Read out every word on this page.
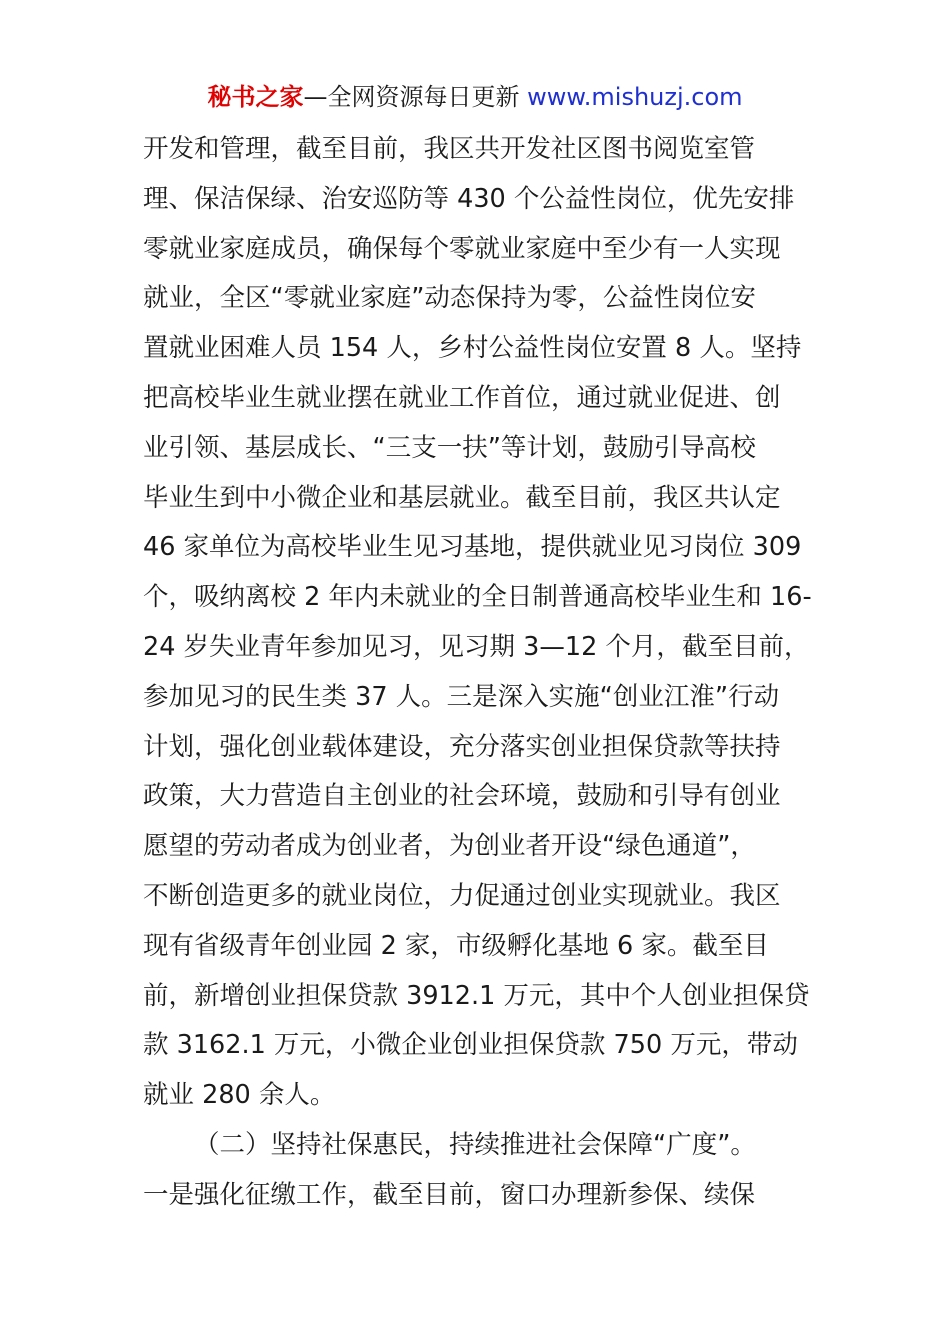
秘书之家—全网资源每日更新 www.mishuzj.com
开发和管理，截至目前，我区共开发社区图书阅览室管
理、保洁保绿、治安巡防等 430 个公益性岗位，优先安排
零就业家庭成员，确保每个零就业家庭中至少有一人实现
就业，全区“零就业家庭”动态保持为零，公益性岗位安
置就业困难人员 154 人，乡村公益性岗位安置 8 人。坚持
把高校毕业生就业摆在就业工作首位，通过就业促进、创
业引领、基层成长、“三支一扶”等计划，鼓励引导高校
毕业生到中小微企业和基层就业。截至目前，我区共认定
46 家单位为高校毕业生见习基地，提供就业见习岗位 309
个，吸纳离校 2 年内未就业的全日制普通高校毕业生和 16-
24 岁失业青年参加见习，见习期 3—12 个月，截至目前，
参加见习的民生类 37 人。三是深入实施“创业江淮”行动
计划，强化创业载体建设，充分落实创业担保贷款等扶持
政策，大力营造自主创业的社会环境，鼓励和引导有创业
愿望的劳动者成为创业者，为创业者开设“绿色通道”，
不断创造更多的就业岗位，力促通过创业实现就业。我区
现有省级青年创业园 2 家，市级孵化基地 6 家。截至目
前，新增创业担保贷款 3912.1 万元，其中个人创业担保贷
款 3162.1 万元，小微企业创业担保贷款 750 万元，带动
就业 280 余人。
（二）坚持社保惠民，持续推进社会保障“广度”。
一是强化征缴工作，截至目前，窗口办理新参保、续保
